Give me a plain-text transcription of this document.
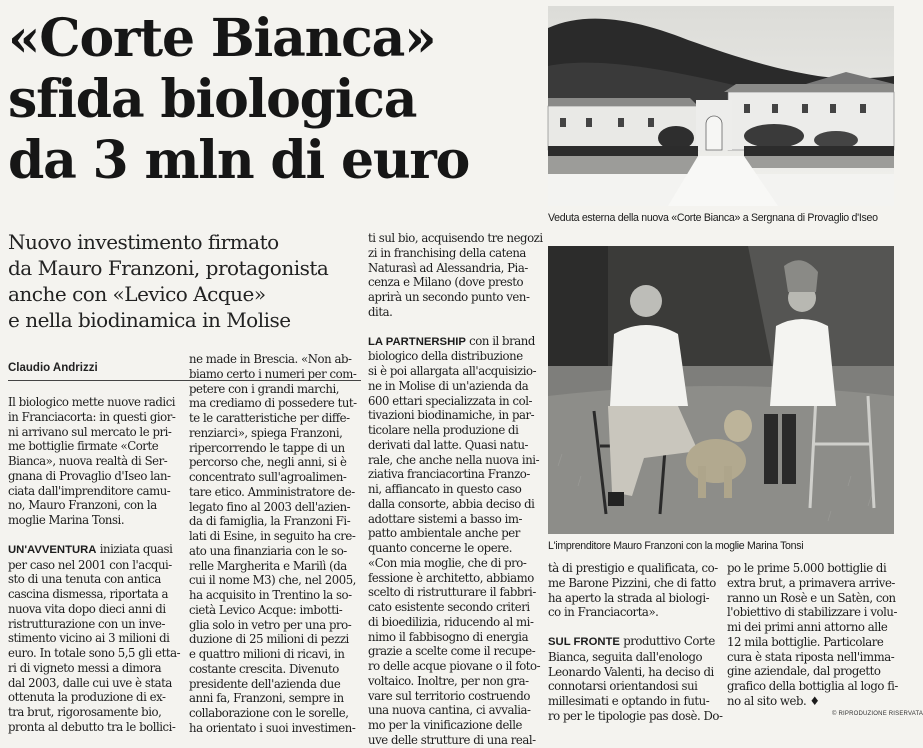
«Corte Bianca»
sfida biologica
da 3 mln di euro
Nuovo investimento firmato
da Mauro Franzoni, protagonista
anche con «Levico Acque»
e nella biodinamica in Molise
Claudio Andrizzi
Il biologico mette nuove radici
in Franciacorta: in questi gior-
ni arrivano sul mercato le pri-
me bottiglie firmate «Corte
Bianca», nuova realtà di Ser-
gnana di Provaglio d'Iseo lan-
ciata dall'imprenditore camu-
no, Mauro Franzoni, con la
moglie Marina Tonsi.
UN'AVVENTURA iniziata quasi
per caso nel 2001 con l'acqui-
sto di una tenuta con antica
cascina dismessa, riportata a
nuova vita dopo dieci anni di
ristrutturazione con un inve-
stimento vicino ai 3 milioni di
euro. In totale sono 5,5 gli etta-
ri di vigneto messi a dimora
dal 2003, dalle cui uve è stata
ottenuta la produzione di ex-
tra brut, rigorosamente bio,
pronta al debutto tra le bollici-
ne made in Brescia. «Non ab-
biamo certo i numeri per com-
petere con i grandi marchi,
ma crediamo di possedere tut-
te le caratteristiche per diffe-
renziarci», spiega Franzoni,
ripercorrendo le tappe di un
percorso che, negli anni, si è
concentrato sull'agroalimen-
tare etico. Amministratore de-
legato fino al 2003 dell'azien-
da di famiglia, la Franzoni Fi-
lati di Esine, in seguito ha cre-
ato una finanziaria con le so-
relle Margherita e Marilì (da
cui il nome M3) che, nel 2005,
ha acquisito in Trentino la so-
cietà Levico Acque: imbotti-
glia solo in vetro per una pro-
duzione di 25 milioni di pezzi
e quattro milioni di ricavi, in
costante crescita. Divenuto
presidente dell'azienda due
anni fa, Franzoni, sempre in
collaborazione con le sorelle,
ha orientato i suoi investimen-
ti sul bio, acquisendo tre negozi
zi in franchising della catena
Naturasì ad Alessandria, Pia-
cenza e Milano (dove presto
aprirà un secondo punto ven-
dita.
LA PARTNERSHIP con il brand
biologico della distribuzione
si è poi allargata all'acquisizio-
ne in Molise di un'azienda da
600 ettari specializzata in col-
tivazioni biodinamiche, in par-
ticolare nella produzione di
derivati dal latte. Quasi natu-
rale, che anche nella nuova ini-
ziativa franciacortina Franzo-
ni, affiancato in questo caso
dalla consorte, abbia deciso di
adottare sistemi a basso im-
patto ambientale anche per
quanto concerne le opere.
«Con mia moglie, che di pro-
fessione è architetto, abbiamo
scelto di ristrutturare il fabbri-
cato esistente secondo criteri
di bioedilizia, riducendo al mi-
nimo il fabbisogno di energia
grazie a scelte come il recupe-
ro delle acque piovane o il foto-
voltaico. Inoltre, per non gra-
vare sul territorio costruendo
una nuova cantina, ci avvalia-
mo per la vinificazione delle
uve delle strutture di una real-
tà di prestigio e qualificata, co-
me Barone Pizzini, che di fatto
ha aperto la strada al biologi-
co in Franciacorta».
SUL FRONTE produttivo Corte
Bianca, seguita dall'enologo
Leonardo Valenti, ha deciso di
connotarsi orientandosi sui
millesimati e optando in futu-
ro per le tipologie pas dosè. Do-
po le prime 5.000 bottiglie di
extra brut, a primavera arrive-
ranno un Rosè e un Satèn, con
l'obiettivo di stabilizzare i volu-
mi dei primi anni attorno alle
12 mila bottiglie. Particolare
cura è stata riposta nell'imma-
gine aziendale, dal progetto
grafico della bottiglia al logo fi-
no al sito web. ♦
Veduta esterna della nuova «Corte Bianca» a Sergnana di Provaglio d'Iseo
L'imprenditore Mauro Franzoni con la moglie Marina Tonsi
© RIPRODUZIONE RISERVATA
